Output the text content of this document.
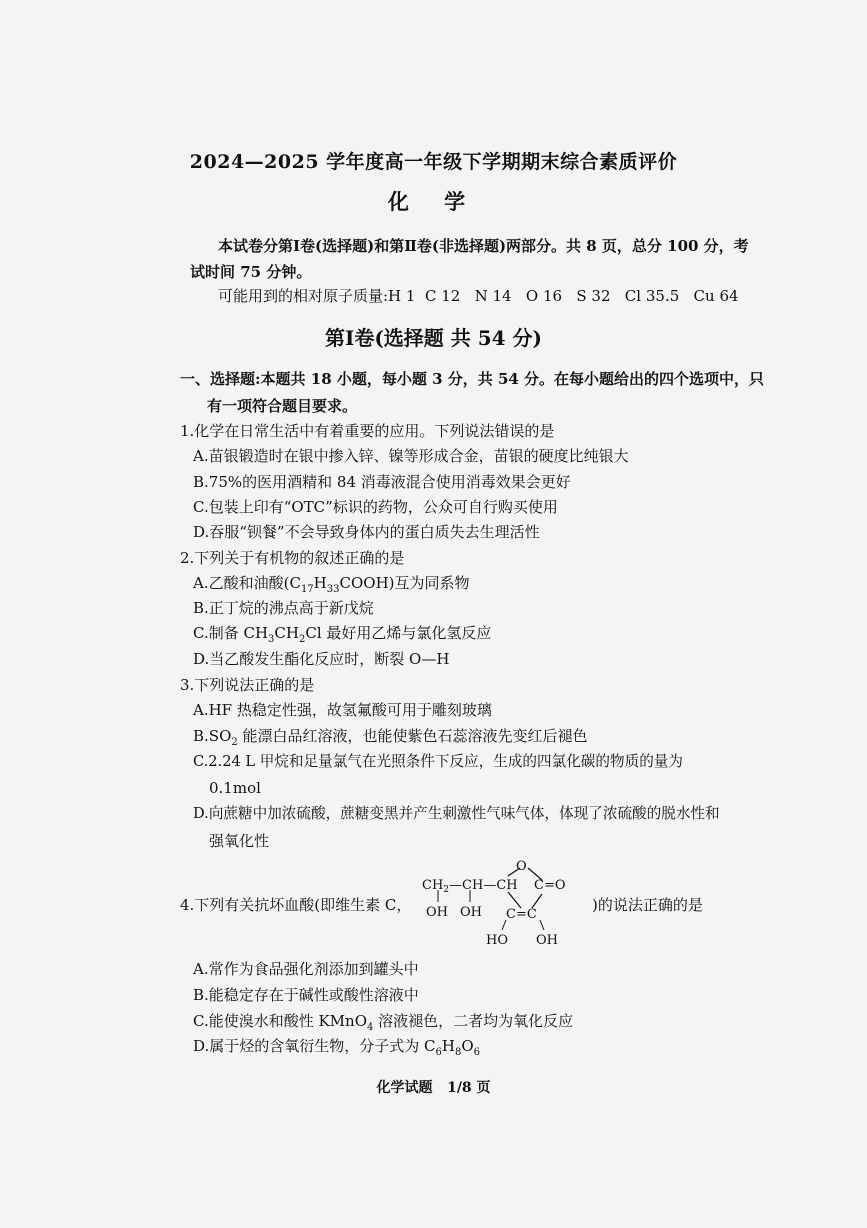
2024—2025 学年度高一年级下学期期末综合素质评价
化 学
本试卷分第Ⅰ卷(选择题)和第Ⅱ卷(非选择题)两部分。共 8 页，总分 100 分，考
试时间 75 分钟。
可能用到的相对原子质量:H 1  C 12   N 14   O 16   S 32   Cl 35.5   Cu 64
第Ⅰ卷(选择题 共 54 分)
一、选择题:本题共 18 小题，每小题 3 分，共 54 分。在每小题给出的四个选项中，只
有一项符合题目要求。
1.化学在日常生活中有着重要的应用。下列说法错误的是
A.苗银锻造时在银中掺入锌、镍等形成合金，苗银的硬度比纯银大
B.75%的医用酒精和 84 消毒液混合使用消毒效果会更好
C.包装上印有“OTC”标识的药物，公众可自行购买使用
D.吞服“钡餐”不会导致身体内的蛋白质失去生理活性
2.下列关于有机物的叙述正确的是
A.乙酸和油酸$(C_{17}H_{33}COOH)$互为同系物
B.正丁烷的沸点高于新戊烷
C.制备 $CH_3CH_2Cl$ 最好用乙烯与氯化氢反应
D.当乙酸发生酯化反应时，断裂 O—H
3.下列说法正确的是
A.HF 热稳定性强，故氢氟酸可用于雕刻玻璃
$B.SO_2$ 能漂白品红溶液，也能使紫色石蕊溶液先变红后褪色
C.2.24 L 甲烷和足量氯气在光照条件下反应，生成的四氯化碳的物质的量为
0.1mol
D.向蔗糖中加浓硫酸，蔗糖变黑并产生刺激性气味气体，体现了浓硫酸的脱水性和
强氧化性
4.下列有关抗坏血酸(即维生素 C，
O
$CH_2—CH—CH$ C=O
OH OH C=C
HO OH
)的说法正确的是
A.常作为食品强化剂添加到罐头中
B.能稳定存在于碱性或酸性溶液中
C.能使溴水和酸性 KMnO$_4$ 溶液褪色，二者均为氧化反应
D.属于烃的含氧衍生物，分子式为 $C_6H_8O_6$
化学试题   1/8 页
